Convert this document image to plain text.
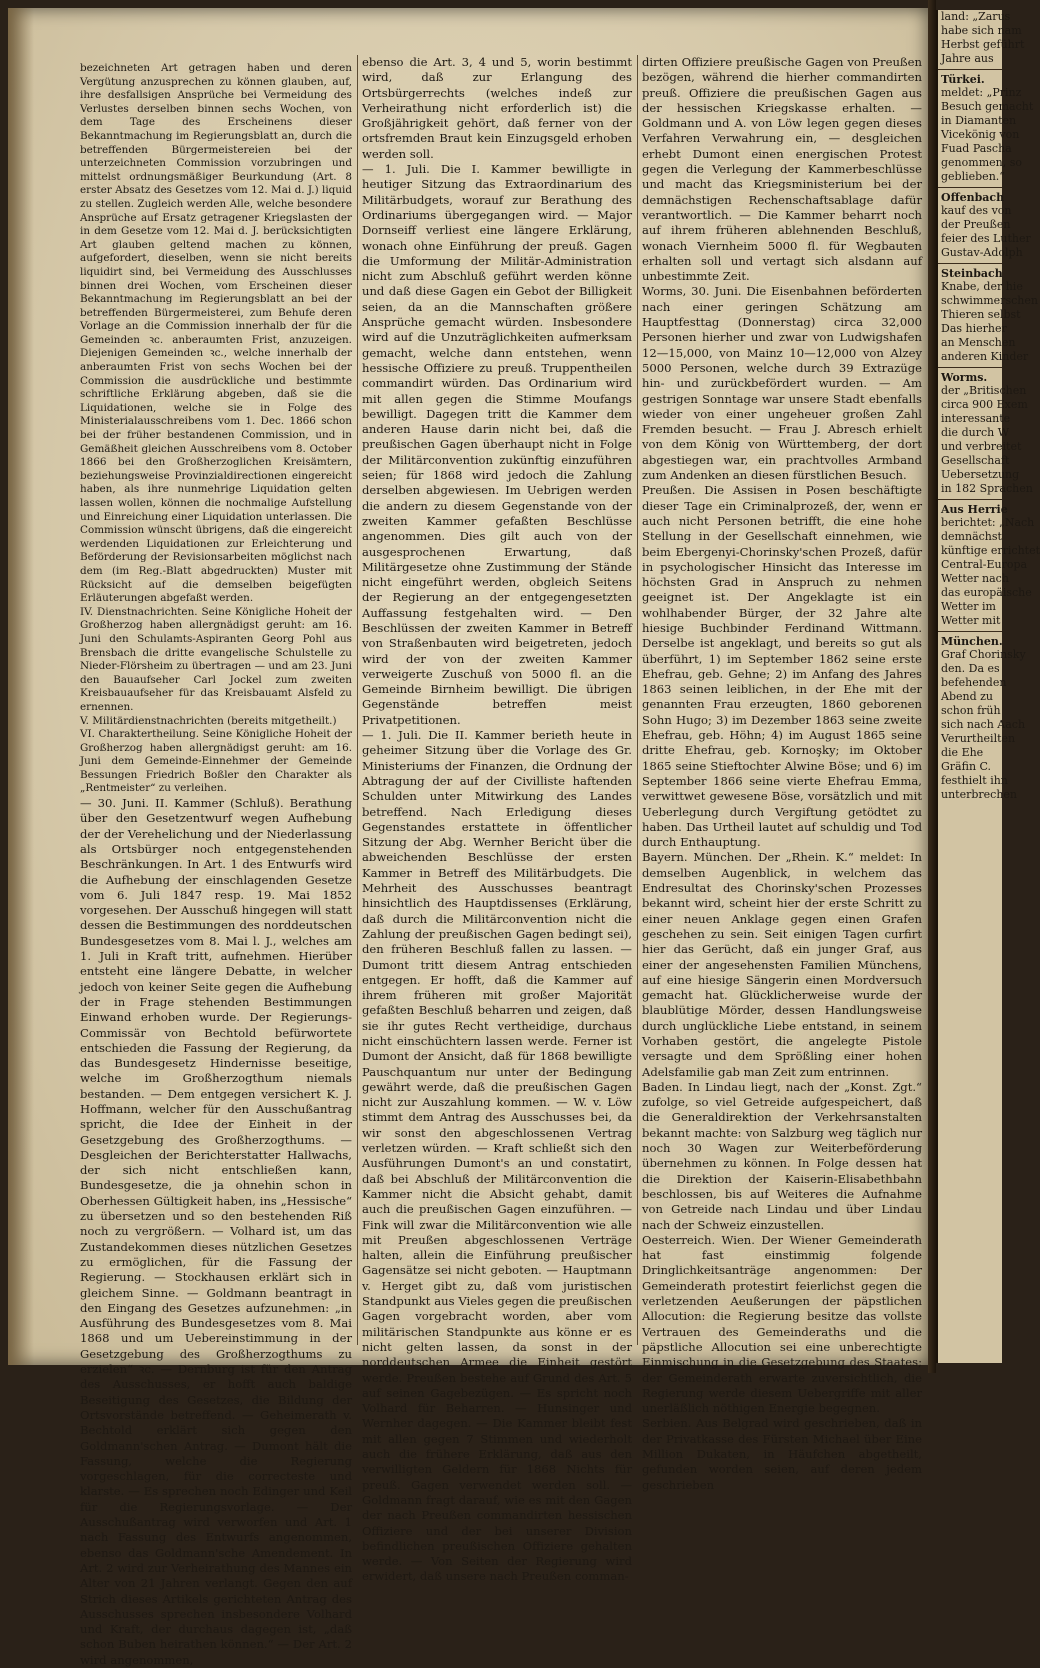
bezeichneten Art getragen haben und deren Vergütung anzusprechen zu können glauben, auf, ihre desfallsigen Ansprüche bei Vermeidung des Verlustes derselben binnen sechs Wochen, von dem Tage des Erscheinens dieser Bekanntmachung im Regierungsblatt an, durch die betreffenden Bürgermeistereien bei der unterzeichneten Commission vorzubringen und mittelst ordnungsmäßiger Beurkundung (Art. 8 erster Absatz des Gesetzes vom 12. Mai d. J.) liquid zu stellen. Zugleich werden Alle, welche besondere Ansprüche auf Ersatz getragener Kriegslasten der in dem Gesetze vom 12. Mai d. J. berücksichtigten Art glauben geltend machen zu können, aufgefordert, dieselben, wenn sie nicht bereits liquidirt sind, bei Vermeidung des Ausschlusses binnen drei Wochen, vom Erscheinen dieser Bekanntmachung im Regierungsblatt an bei der betreffenden Bürgermeisterei, zum Behufe deren Vorlage an die Commission innerhalb der für die Gemeinden ꝛc. anberaumten Frist, anzuzeigen. Diejenigen Gemeinden ꝛc., welche innerhalb der anberaumten Frist von sechs Wochen bei der Commission die ausdrückliche und bestimmte schriftliche Erklärung abgeben, daß sie die Liquidationen, welche sie in Folge des Ministerialausschreibens vom 1. Dec. 1866 schon bei der früher bestandenen Commission, und in Gemäßheit gleichen Ausschreibens vom 8. October 1866 bei den Großherzoglichen Kreisämtern, beziehungsweise Provinzialdirectionen eingereicht haben, als ihre nunmehrige Liquidation gelten lassen wollen, können die nochmalige Aufstellung und Einreichung einer Liquidation unterlassen. Die Commission wünscht übrigens, daß die eingereicht werdenden Liquidationen zur Erleichterung und Beförderung der Revisionsarbeiten möglichst nach dem (im Reg.-Blatt abgedruckten) Muster mit Rücksicht auf die demselben beigefügten Erläuterungen abgefaßt werden.

IV. Dienstnachrichten. Seine Königliche Hoheit der Großherzog haben allergnädigst geruht: am 16. Juni den Schulamts-Aspiranten Georg Pohl aus Brensbach die dritte evangelische Schulstelle zu Nieder-Flörsheim zu übertragen — und am 23. Juni den Bauaufseher Carl Jockel zum zweiten Kreisbauaufseher für das Kreisbauamt Alsfeld zu ernennen.

V. Militärdienstnachrichten (bereits mitgetheilt.)

VI. Charaktertheilung. Seine Königliche Hoheit der Großherzog haben allergnädigst geruht: am 16. Juni dem Gemeinde-Einnehmer der Gemeinde Bessungen Friedrich Boßler den Charakter als „Rentmeister“ zu verleihen.

— 30. Juni. II. Kammer (Schluß). Berathung über den Gesetzentwurf wegen Aufhebung der der Verehelichung und der Niederlassung als Ortsbürger noch entgegenstehenden Beschränkungen. In Art. 1 des Entwurfs wird die Aufhebung der einschlagenden Gesetze vom 6. Juli 1847 resp. 19. Mai 1852 vorgesehen. Der Ausschuß hingegen will statt dessen die Bestimmungen des norddeutschen Bundesgesetzes vom 8. Mai l. J., welches am 1. Juli in Kraft tritt, aufnehmen. Hierüber entsteht eine längere Debatte, in welcher jedoch von keiner Seite gegen die Aufhebung der in Frage stehenden Bestimmungen Einwand erhoben wurde. Der Regierungs-Commissär von Bechtold befürwortete entschieden die Fassung der Regierung, da das Bundesgesetz Hindernisse beseitige, welche im Großherzogthum niemals bestanden. — Dem entgegen versichert K. J. Hoffmann, welcher für den Ausschußantrag spricht, die Idee der Einheit in der Gesetzgebung des Großherzogthums. — Desgleichen der Berichterstatter Hallwachs, der sich nicht entschließen kann, Bundesgesetze, die ja ohnehin schon in Oberhessen Gültigkeit haben, ins „Hessische“ zu übersetzen und so den bestehenden Riß noch zu vergrößern. — Volhard ist, um das Zustandekommen dieses nützlichen Gesetzes zu ermöglichen, für die Fassung der Regierung. — Stockhausen erklärt sich in gleichem Sinne. — Goldmann beantragt in den Eingang des Gesetzes aufzunehmen: „in Ausführung des Bundesgesetzes vom 8. Mai 1868 und um Uebereinstimmung in der Gesetzgebung des Großherzogthums zu erzielen“ ꝛc. — Dernburg ist für den Antrag des Ausschusses, er hofft auch baldige Beseitigung des Gesetzes, die Bildung der Ortsvorstände betreffend. — Geheimerath v. Bechtold erklärt sich gegen den Goldmann'schen Antrag. — Dumont hält die Fassung, welche die Regierung vorgeschlagen, für die correcteste und klarste. — Es sprechen noch Edinger und Keil für die Regierungsvorlage. — Der Ausschußantrag wird verworfen und Art. 1 nach Fassung des Entwurfs angenommen, ebenso das Goldmann'sche Amendement. In Art. 2 wird zur Verheirathung des Mannes ein Alter von 21 Jahren verlangt. Gegen den auf Strich dieses Artikels gerichteten Antrag des Ausschusses sprechen insbesondere Volhard und Kraft, der durchaus dagegen ist, „daß schon Buben heirathen können.“ — Der Art. 2 wird angenommen,

ebenso die Art. 3, 4 und 5, worin bestimmt wird, daß zur Erlangung des Ortsbürgerrechts (welches indeß zur Verheirathung nicht erforderlich ist) die Großjährigkeit gehört, daß ferner von der ortsfremden Braut kein Einzugsgeld erhoben werden soll.

— 1. Juli. Die I. Kammer bewilligte in heutiger Sitzung das Extraordinarium des Militärbudgets, worauf zur Berathung des Ordinariums übergegangen wird. — Major Dornseiff verliest eine längere Erklärung, wonach ohne Einführung der preuß. Gagen die Umformung der Militär-Administration nicht zum Abschluß geführt werden könne und daß diese Gagen ein Gebot der Billigkeit seien, da an die Mannschaften größere Ansprüche gemacht würden. Insbesondere wird auf die Unzuträglichkeiten aufmerksam gemacht, welche dann entstehen, wenn hessische Offiziere zu preuß. Truppentheilen commandirt würden. Das Ordinarium wird mit allen gegen die Stimme Moufangs bewilligt. Dagegen tritt die Kammer dem anderen Hause darin nicht bei, daß die preußischen Gagen überhaupt nicht in Folge der Militärconvention zukünftig einzuführen seien; für 1868 wird jedoch die Zahlung derselben abgewiesen. Im Uebrigen werden die andern zu diesem Gegenstande von der zweiten Kammer gefaßten Beschlüsse angenommen. Dies gilt auch von der ausgesprochenen Erwartung, daß Militärgesetze ohne Zustimmung der Stände nicht eingeführt werden, obgleich Seitens der Regierung an der entgegengesetzten Auffassung festgehalten wird. — Den Beschlüssen der zweiten Kammer in Betreff von Straßenbauten wird beigetreten, jedoch wird der von der zweiten Kammer verweigerte Zuschuß von 5000 fl. an die Gemeinde Birnheim bewilligt. Die übrigen Gegenstände betreffen meist Privatpetitionen.

— 1. Juli. Die II. Kammer berieth heute in geheimer Sitzung über die Vorlage des Gr. Ministeriums der Finanzen, die Ordnung der Abtragung der auf der Civilliste haftenden Schulden unter Mitwirkung des Landes betreffend. Nach Erledigung dieses Gegenstandes erstattete in öffentlicher Sitzung der Abg. Wernher Bericht über die abweichenden Beschlüsse der ersten Kammer in Betreff des Militärbudgets. Die Mehrheit des Ausschusses beantragt hinsichtlich des Hauptdissenses (Erklärung, daß durch die Militärconvention nicht die Zahlung der preußischen Gagen bedingt sei), den früheren Beschluß fallen zu lassen. — Dumont tritt diesem Antrag entschieden entgegen. Er hofft, daß die Kammer auf ihrem früheren mit großer Majorität gefaßten Beschluß beharren und zeigen, daß sie ihr gutes Recht vertheidige, durchaus nicht einschüchtern lassen werde. Ferner ist Dumont der Ansicht, daß für 1868 bewilligte Pauschquantum nur unter der Bedingung gewährt werde, daß die preußischen Gagen nicht zur Auszahlung kommen. — W. v. Löw stimmt dem Antrag des Ausschusses bei, da wir sonst den abgeschlossenen Vertrag verletzen würden. — Kraft schließt sich den Ausführungen Dumont's an und constatirt, daß bei Abschluß der Militärconvention die Kammer nicht die Absicht gehabt, damit auch die preußischen Gagen einzuführen. — Fink will zwar die Militärconvention wie alle mit Preußen abgeschlossenen Verträge halten, allein die Einführung preußischer Gagensätze sei nicht geboten. — Hauptmann v. Herget gibt zu, daß vom juristischen Standpunkt aus Vieles gegen die preußischen Gagen vorgebracht worden, aber vom militärischen Standpunkte aus könne er es nicht gelten lassen, da sonst in der norddeutschen Armee die Einheit gestört werde. Preußen bestehe auf Grund des Art. 5 auf seinen Gagebezügen. — Es spricht noch Volhard für Beharren. — Hunsinger und Wernher dagegen. — Die Kammer bleibt fest mit allen gegen 7 Stimmen und wiederholt auch die frühere Erklärung, daß aus den verwilligten Geldern für 1868 Nichts für preuß. Gagen verwendet werden soll. — Goldmann fragt darauf, wie es mit den Gagen der nach Preußen commandirten hessischen Offiziere und der bei unserer Division befindlichen preußischen Offiziere gehalten werde. — Von Seiten der Regierung wird erwidert, daß unsere nach Preußen comman-

dirten Offiziere preußische Gagen von Preußen bezögen, während die hierher commandirten preuß. Offiziere die preußischen Gagen aus der hessischen Kriegskasse erhalten. — Goldmann und A. von Löw legen gegen dieses Verfahren Verwahrung ein, — desgleichen erhebt Dumont einen energischen Protest gegen die Verlegung der Kammerbeschlüsse und macht das Kriegsministerium bei der demnächstigen Rechenschaftsablage dafür verantwortlich. — Die Kammer beharrt noch auf ihrem früheren ablehnenden Beschluß, wonach Viernheim 5000 fl. für Wegbauten erhalten soll und vertagt sich alsdann auf unbestimmte Zeit.

Worms, 30. Juni. Die Eisenbahnen beförderten nach einer geringen Schätzung am Hauptfesttag (Donnerstag) circa 32,000 Personen hierher und zwar von Ludwigshafen 12—15,000, von Mainz 10—12,000 von Alzey 5000 Personen, welche durch 39 Extrazüge hin- und zurückbefördert wurden. — Am gestrigen Sonntage war unsere Stadt ebenfalls wieder von einer ungeheuer großen Zahl Fremden besucht. — Frau J. Abresch erhielt von dem König von Württemberg, der dort abgestiegen war, ein prachtvolles Armband zum Andenken an diesen fürstlichen Besuch.

Preußen. Die Assisen in Posen beschäftigte dieser Tage ein Criminalprozeß, der, wenn er auch nicht Personen betrifft, die eine hohe Stellung in der Gesellschaft einnehmen, wie beim Ebergenyi-Chorinsky'schen Prozeß, dafür in psychologischer Hinsicht das Interesse im höchsten Grad in Anspruch zu nehmen geeignet ist. Der Angeklagte ist ein wohlhabender Bürger, der 32 Jahre alte hiesige Buchbinder Ferdinand Wittmann. Derselbe ist angeklagt, und bereits so gut als überführt, 1) im September 1862 seine erste Ehefrau, geb. Gehne; 2) im Anfang des Jahres 1863 seinen leiblichen, in der Ehe mit der genannten Frau erzeugten, 1860 geborenen Sohn Hugo; 3) im Dezember 1863 seine zweite Ehefrau, geb. Höhn; 4) im August 1865 seine dritte Ehefrau, geb. Kornoşky; im Oktober 1865 seine Stieftochter Alwine Böse; und 6) im September 1866 seine vierte Ehefrau Emma, verwittwet gewesene Böse, vorsätzlich und mit Ueberlegung durch Vergiftung getödtet zu haben. Das Urtheil lautet auf schuldig und Tod durch Enthauptung.

Bayern. München. Der „Rhein. K.“ meldet: In demselben Augenblick, in welchem das Endresultat des Chorinsky'schen Prozesses bekannt wird, scheint hier der erste Schritt zu einer neuen Anklage gegen einen Grafen geschehen zu sein. Seit einigen Tagen curfirt hier das Gerücht, daß ein junger Graf, aus einer der angesehensten Familien Münchens, auf eine hiesige Sängerin einen Mordversuch gemacht hat. Glücklicherweise wurde der blaublütige Mörder, dessen Handlungsweise durch unglückliche Liebe entstand, in seinem Vorhaben gestört, die angelegte Pistole versagte und dem Sprößling einer hohen Adelsfamilie gab man Zeit zum entrinnen.

Baden. In Lindau liegt, nach der „Konst. Zgt.“ zufolge, so viel Getreide aufgespeichert, daß die Generaldirektion der Verkehrsanstalten bekannt machte: von Salzburg weg täglich nur noch 30 Wagen zur Weiterbeförderung übernehmen zu können. In Folge dessen hat die Direktion der Kaiserin-Elisabethbahn beschlossen, bis auf Weiteres die Aufnahme von Getreide nach Lindau und über Lindau nach der Schweiz einzustellen.

Oesterreich. Wien. Der Wiener Gemeinderath hat fast einstimmig folgende Dringlichkeitsanträge angenommen: Der Gemeinderath protestirt feierlichst gegen die verletzenden Aeußerungen der päpstlichen Allocution: die Regierung besitze das vollste Vertrauen des Gemeinderaths und die päpstliche Allocution sei eine unberechtigte Einmischung in die Gesetzgebung des Staates; der Gemeinderath erwarte zuversichtlich, die Regierung werde diesem Uebergriffe mit aller unerläßlich nöthigen Energie begegnen.

Serbien. Aus Belgrad wird geschrieben, daß in der Privatkasse des Fürsten Michael über Eine Million Dukaten, in Häufchen abgetheilt, gefunden worden seien, auf deren jedem geschrieben

land: „Zarus
habe sich nam
Herbst geführt
Jahre aus
Türkei.
meldet: „Prinz
Besuch gemacht
in Diamanten
Vicekönig von
Fuad Pascha
genommen, so
geblieben.“
Offenbach
kauf des von
der Preußen
feier des Luther
Gustav-Adolph
Steinbach
Knabe, der hie
schwimmerschen
Thieren selbst
Das hierher
an Menschen
anderen Kinder
Worms.
der „Britischen
circa 900 Exem
interessante
die durch W
und verbreitet
Gesellschaft
Uebersetzung
in 182 Sprachen
Aus Herrie
berichtet: „Nach
demnächst
künftige errichtet
Central-Europa
Wetter nach
das europäische
Wetter im
Wetter mit
München.
Graf Chorinsky
den. Da es
befehenden
Abend zu
schon früh
sich nach Aach
Verurtheilten
die Ehe
Gräfin C.
festhielt ihn
unterbrechen
